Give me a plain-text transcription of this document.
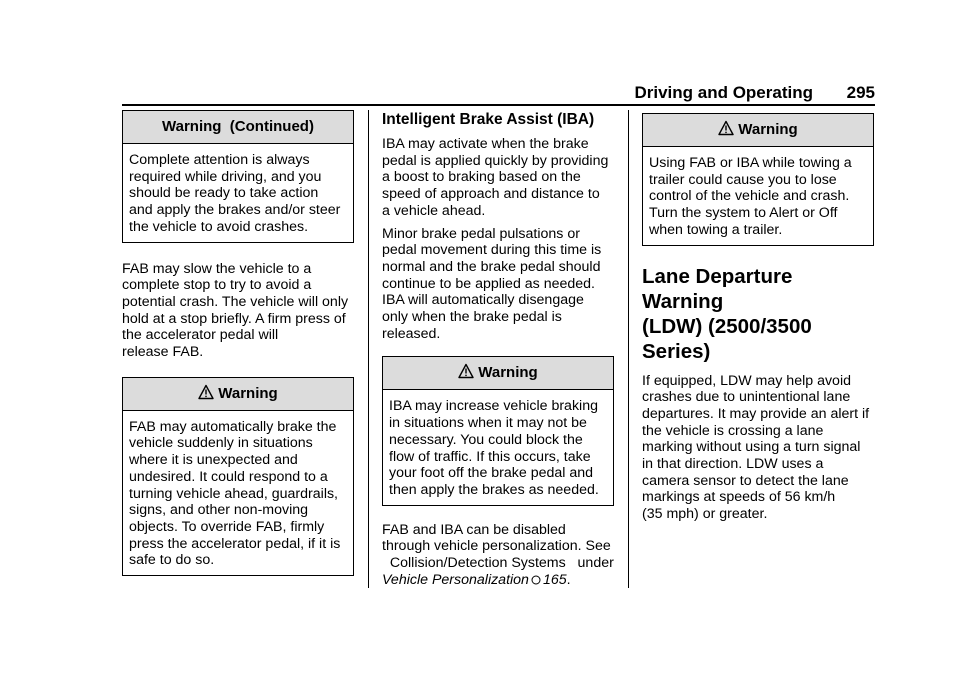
Driving and Operating 295
Warning  (Continued)

Complete attention is always

required while driving, and you

should be ready to take action

and apply the brakes and/or steer

the vehicle to avoid crashes.

FAB may slow the vehicle to a

complete stop to try to avoid a

potential crash. The vehicle will only

hold at a stop briefly. A firm press of

the accelerator pedal will

release FAB.

Warning

FAB may automatically brake the

vehicle suddenly in situations

where it is unexpected and

undesired. It could respond to a

turning vehicle ahead, guardrails,

signs, and other non-moving

objects. To override FAB, firmly

press the accelerator pedal, if it is

safe to do so.

Intelligent Brake Assist (IBA)

IBA may activate when the brake

pedal is applied quickly by providing

a boost to braking based on the

speed of approach and distance to

a vehicle ahead.

Minor brake pedal pulsations or

pedal movement during this time is

normal and the brake pedal should

continue to be applied as needed.

IBA will automatically disengage

only when the brake pedal is

released.

Warning

IBA may increase vehicle braking

in situations when it may not be

necessary. You could block the

flow of traffic. If this occurs, take

your foot off the brake pedal and

then apply the brakes as needed.

FAB and IBA can be disabled

through vehicle personalization. See

Collision/Detection Systems   under

Vehicle Personalization 165.

Warning

Using FAB or IBA while towing a

trailer could cause you to lose

control of the vehicle and crash.

Turn the system to Alert or Off

when towing a trailer.

Lane Departure Warning
(LDW) (2500/3500 Series)

If equipped, LDW may help avoid

crashes due to unintentional lane

departures. It may provide an alert if

the vehicle is crossing a lane

marking without using a turn signal

in that direction. LDW uses a

camera sensor to detect the lane

markings at speeds of 56 km/h

(35 mph) or greater.
